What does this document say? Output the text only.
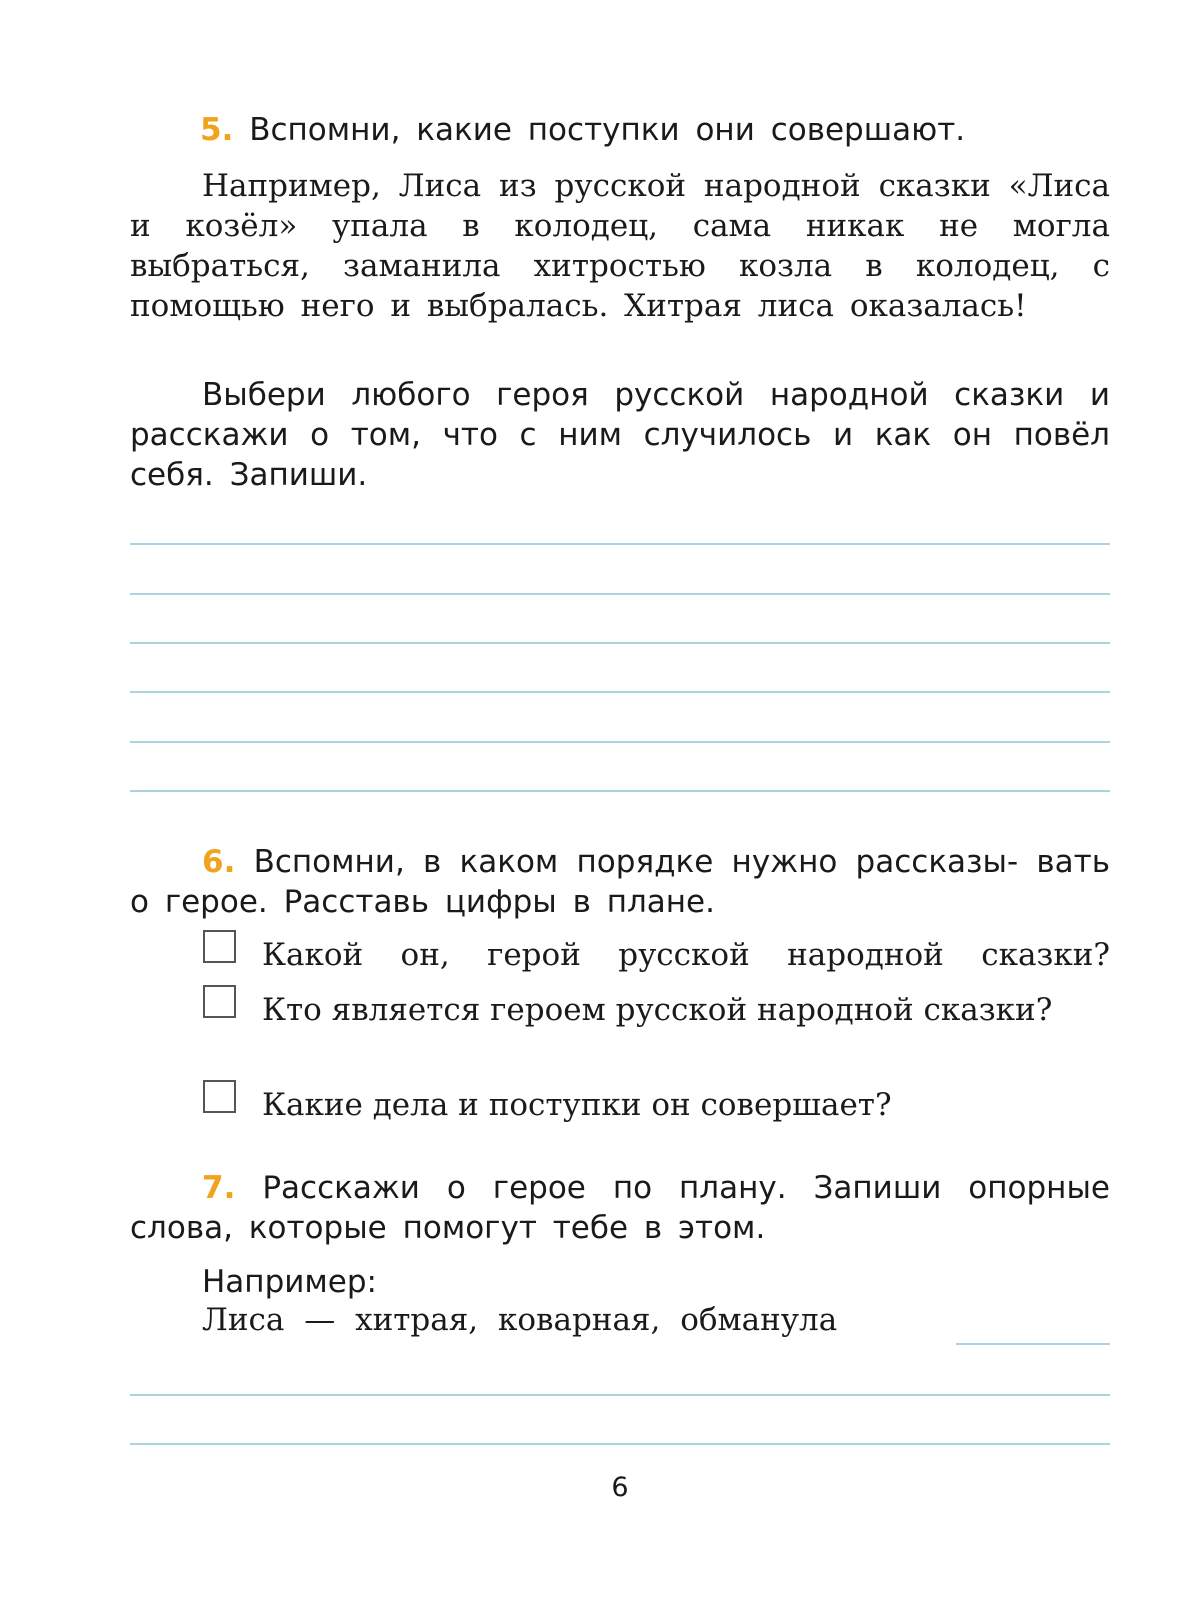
5. Вспомни, какие поступки они совершают.
Например, Лиса из русской народной сказки «Лиса и козёл» упала в колодец, сама никак не могла выбраться, заманила хитростью козла в колодец, с помощью него и выбралась. Хитрая лиса оказалась!
Выбери любого героя русской народной сказки и расскажи о том, что с ним случилось и как он повёл себя. Запиши.
6. Вспомни, в каком порядке нужно рассказы- вать о герое. Расставь цифры в плане.
Какой он, герой русской народной сказки?
Кто является героем русской народной сказки?
Какие дела и поступки он совершает?
7. Расскажи о герое по плану. Запиши опорные слова, которые помогут тебе в этом.
Например:
Лиса — хитрая, коварная, обманула
6
